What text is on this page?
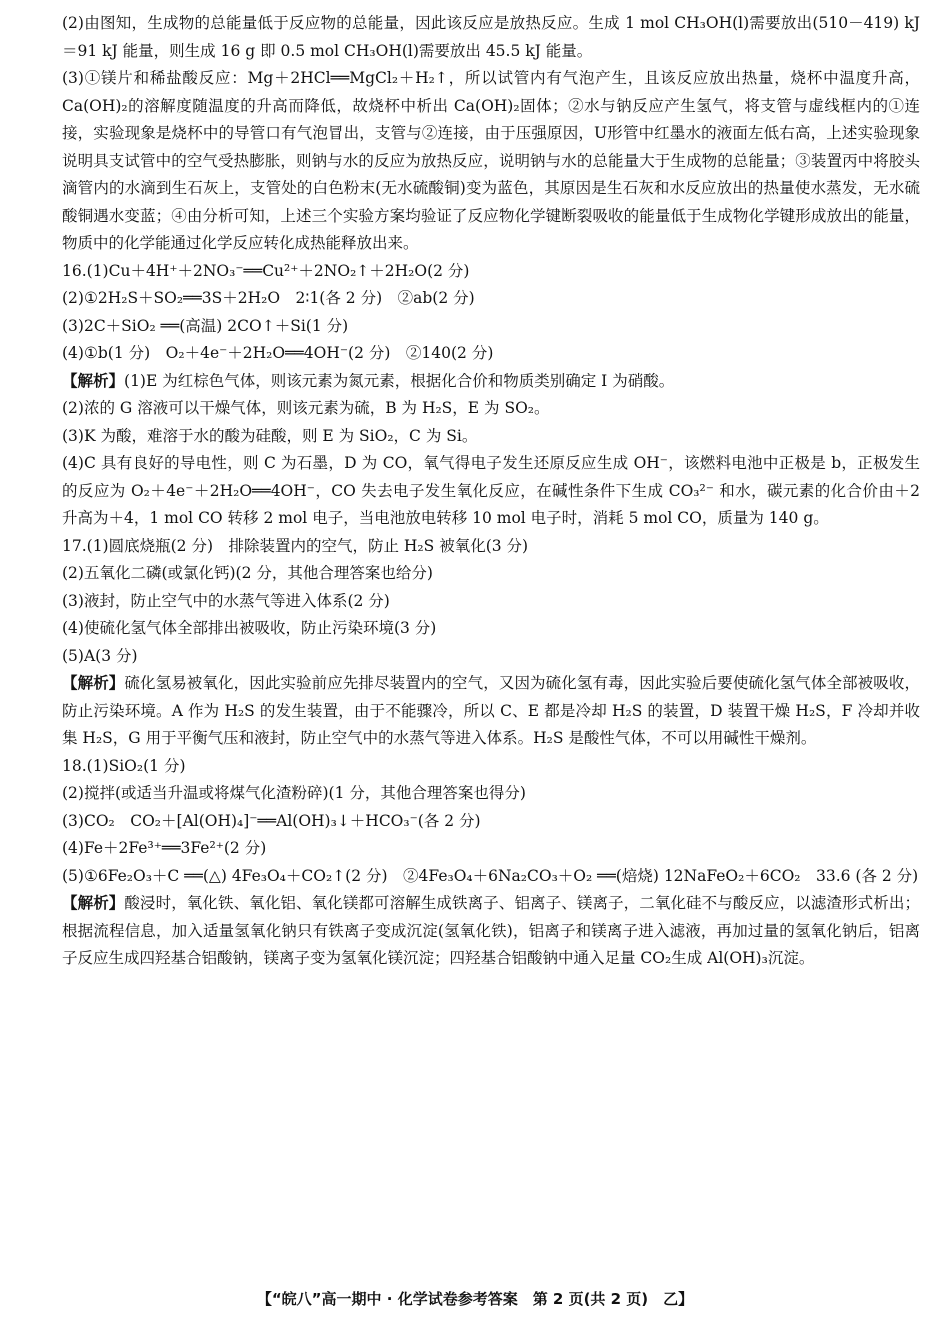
(2)由图知，生成物的总能量低于反应物的总能量，因此该反应是放热反应。生成 1 mol CH₃OH(l)需要放出(510－419) kJ＝91 kJ 能量，则生成 16 g 即 0.5 mol CH₃OH(l)需要放出 45.5 kJ 能量。

(3)①镁片和稀盐酸反应：Mg＋2HCl══MgCl₂＋H₂↑，所以试管内有气泡产生，且该反应放出热量，烧杯中温度升高，Ca(OH)₂的溶解度随温度的升高而降低，故烧杯中析出 Ca(OH)₂固体；②水与钠反应产生氢气，将支管与虚线框内的①连接，实验现象是烧杯中的导管口有气泡冒出，支管与②连接，由于压强原因，U形管中红墨水的液面左低右高，上述实验现象说明具支试管中的空气受热膨胀，则钠与水的反应为放热反应，说明钠与水的总能量大于生成物的总能量；③装置丙中将胶头滴管内的水滴到生石灰上，支管处的白色粉末(无水硫酸铜)变为蓝色，其原因是生石灰和水反应放出的热量使水蒸发，无水硫酸铜遇水变蓝；④由分析可知，上述三个实验方案均验证了反应物化学键断裂吸收的能量低于生成物化学键形成放出的能量，物质中的化学能通过化学反应转化成热能释放出来。

16.(1)Cu＋4H⁺＋2NO₃⁻══Cu²⁺＋2NO₂↑＋2H₂O(2 分)

(2)①2H₂S＋SO₂══3S＋2H₂O　2∶1(各 2 分)　②ab(2 分)

(3)2C＋SiO₂ ══(高温) 2CO↑＋Si(1 分)

(4)①b(1 分)　O₂＋4e⁻＋2H₂O══4OH⁻(2 分)　②140(2 分)

【解析】(1)E 为红棕色气体，则该元素为氮元素，根据化合价和物质类别确定 I 为硝酸。

(2)浓的 G 溶液可以干燥气体，则该元素为硫，B 为 H₂S，E 为 SO₂。

(3)K 为酸，难溶于水的酸为硅酸，则 E 为 SiO₂，C 为 Si。

(4)C 具有良好的导电性，则 C 为石墨，D 为 CO，氧气得电子发生还原反应生成 OH⁻，该燃料电池中正极是 b，正极发生的反应为 O₂＋4e⁻＋2H₂O══4OH⁻，CO 失去电子发生氧化反应，在碱性条件下生成 CO₃²⁻ 和水，碳元素的化合价由＋2 升高为＋4，1 mol CO 转移 2 mol 电子，当电池放电转移 10 mol 电子时，消耗 5 mol CO，质量为 140 g。

17.(1)圆底烧瓶(2 分)　排除装置内的空气，防止 H₂S 被氧化(3 分)

(2)五氧化二磷(或氯化钙)(2 分，其他合理答案也给分)

(3)液封，防止空气中的水蒸气等进入体系(2 分)

(4)使硫化氢气体全部排出被吸收，防止污染环境(3 分)

(5)A(3 分)

【解析】硫化氢易被氧化，因此实验前应先排尽装置内的空气，又因为硫化氢有毒，因此实验后要使硫化氢气体全部被吸收，防止污染环境。A 作为 H₂S 的发生装置，由于不能骤冷，所以 C、E 都是冷却 H₂S 的装置，D 装置干燥 H₂S，F 冷却并收集 H₂S，G 用于平衡气压和液封，防止空气中的水蒸气等进入体系。H₂S 是酸性气体，不可以用碱性干燥剂。

18.(1)SiO₂(1 分)

(2)搅拌(或适当升温或将煤气化渣粉碎)(1 分，其他合理答案也得分)

(3)CO₂　CO₂＋[Al(OH)₄]⁻══Al(OH)₃↓＋HCO₃⁻(各 2 分)

(4)Fe＋2Fe³⁺══3Fe²⁺(2 分)

(5)①6Fe₂O₃＋C ══(△) 4Fe₃O₄＋CO₂↑(2 分)　②4Fe₃O₄＋6Na₂CO₃＋O₂ ══(焙烧) 12NaFeO₂＋6CO₂　33.6 (各 2 分)

【解析】酸浸时，氧化铁、氧化铝、氧化镁都可溶解生成铁离子、铝离子、镁离子，二氧化硅不与酸反应，以滤渣形式析出；根据流程信息，加入适量氢氧化钠只有铁离子变成沉淀(氢氧化铁)，铝离子和镁离子进入滤液，再加过量的氢氧化钠后，铝离子反应生成四羟基合铝酸钠，镁离子变为氢氧化镁沉淀；四羟基合铝酸钠中通入足量 CO₂生成 Al(OH)₃沉淀。

【“皖八”高一期中 · 化学试卷参考答案　第 2 页(共 2 页)　乙】
